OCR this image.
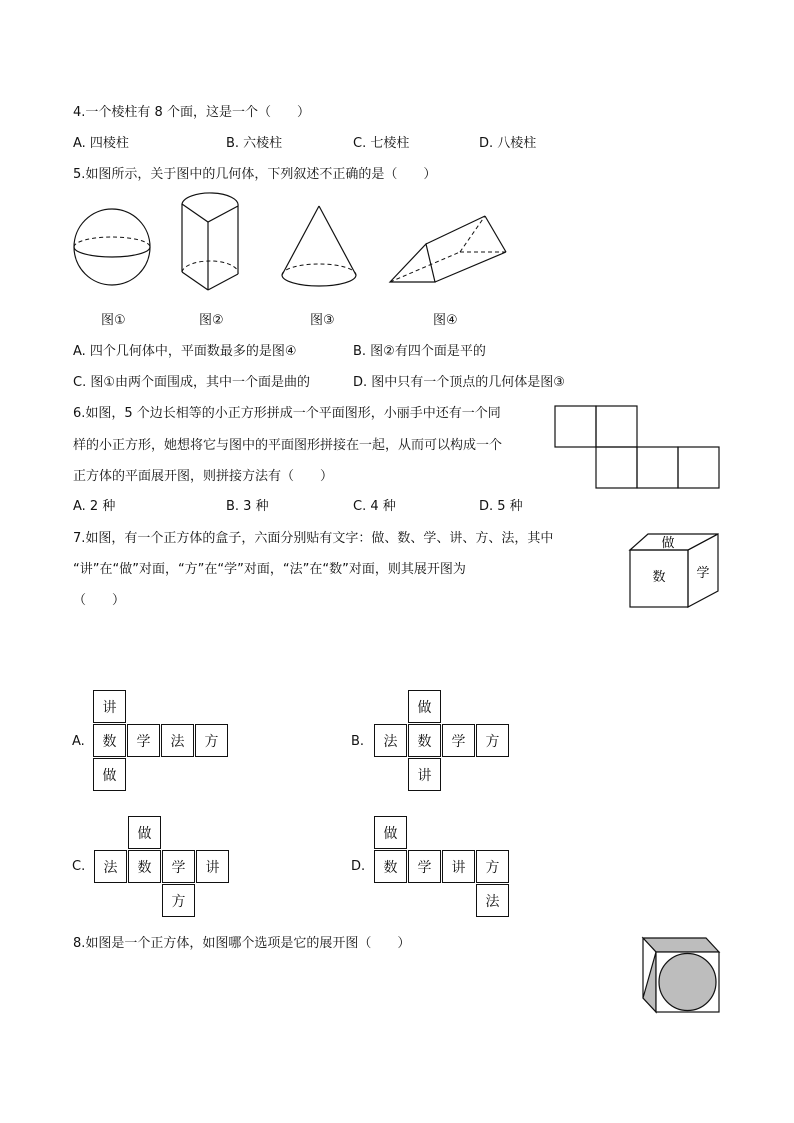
4.一个棱柱有 8 个面，这是一个（　　）
A. 四棱柱	B. 六棱柱	C. 七棱柱	D. 八棱柱
5.如图所示，关于图中的几何体，下列叙述不正确的是（　　）
图①	图②	图③	图④
A. 四个几何体中，平面数最多的是图④	B. 图②有四个面是平的
C. 图①由两个面围成，其中一个面是曲的	D. 图中只有一个顶点的几何体是图③
6.如图，5 个边长相等的小正方形拼成一个平面图形，小丽手中还有一个同
样的小正方形，她想将它与图中的平面图形拼接在一起，从而可以构成一个
正方体的平面展开图，则拼接方法有（　　）
A. 2 种	B. 3 种	C. 4 种	D. 5 种
7.如图，有一个正方体的盒子，六面分别贴有文字：做、数、学、讲、方、法，其中
“讲”在“做”对面，“方”在“学”对面，“法”在“数”对面，则其展开图为
（　　）
做
数 学
A.
讲
数	学	法	方
做
B.
做
法	数	学	方
讲
C.
做
法	数	学	讲
方
D.
做
数	学	讲	方
法
8.如图是一个正方体，如图哪个选项是它的展开图（　　）
